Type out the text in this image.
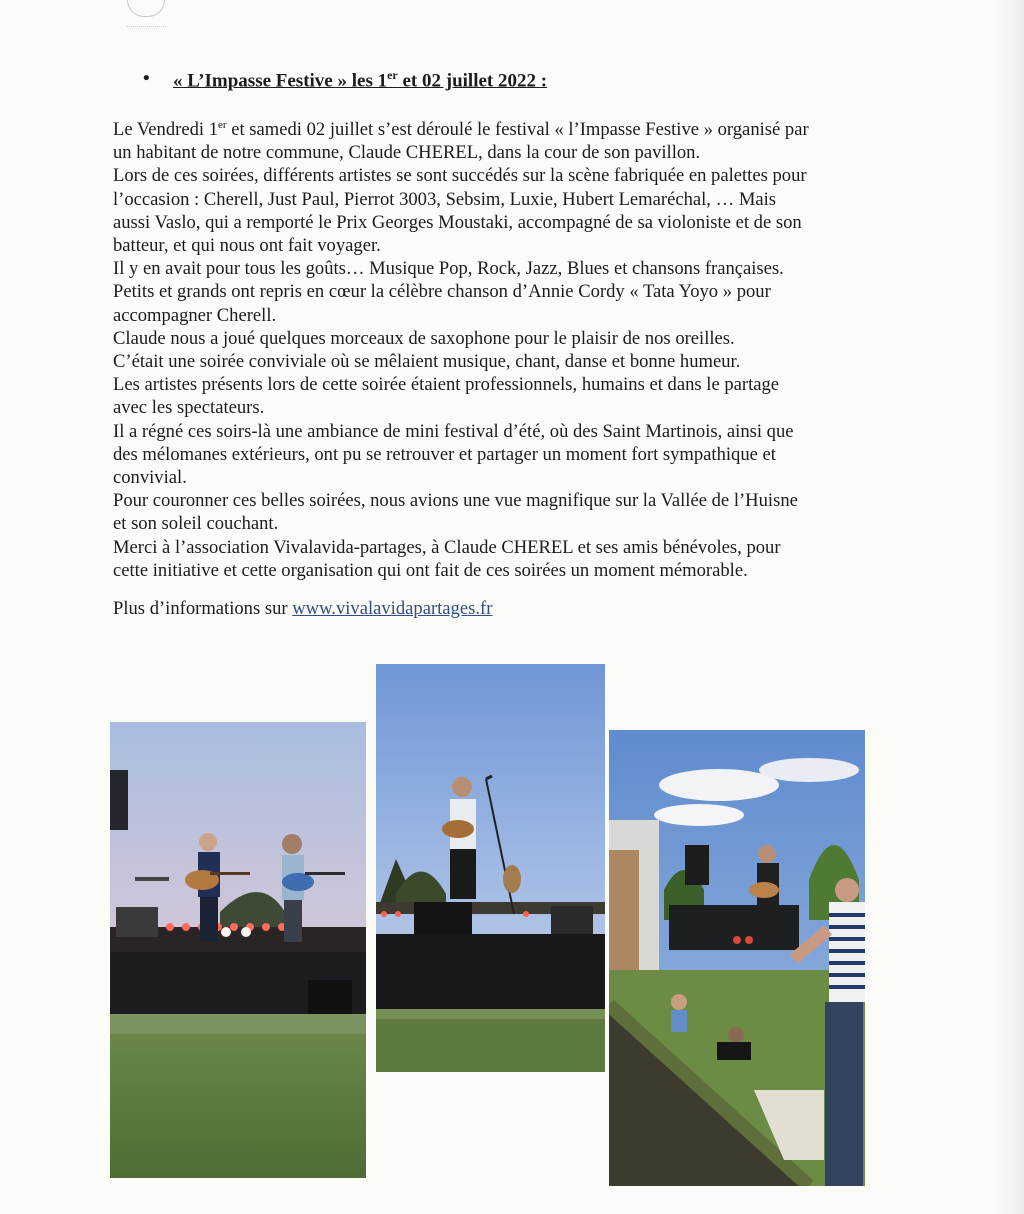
• « L’Impasse Festive » les 1er et 02 juillet 2022 :

Le Vendredi 1er et samedi 02 juillet s’est déroulé le festival « l’Impasse Festive » organisé par

un habitant de notre commune, Claude CHEREL, dans la cour de son pavillon.

Lors de ces soirées, différents artistes se sont succédés sur la scène fabriquée en palettes pour

l’occasion : Cherell, Just Paul, Pierrot 3003, Sebsim, Luxie, Hubert Lemaréchal, … Mais

aussi Vaslo, qui a remporté le Prix Georges Moustaki, accompagné de sa violoniste et de son

batteur, et qui nous ont fait voyager.

Il y en avait pour tous les goûts… Musique Pop, Rock, Jazz, Blues et chansons françaises.

Petits et grands ont repris en cœur la célèbre chanson d’Annie Cordy « Tata Yoyo » pour

accompagner Cherell.

Claude nous a joué quelques morceaux de saxophone pour le plaisir de nos oreilles.

C’était une soirée conviviale où se mêlaient musique, chant, danse et bonne humeur.

Les artistes présents lors de cette soirée étaient professionnels, humains et dans le partage

avec les spectateurs.

Il a régné ces soirs-là une ambiance de mini festival d’été, où des Saint Martinois, ainsi que

des mélomanes extérieurs, ont pu se retrouver et partager un moment fort sympathique et

convivial.

Pour couronner ces belles soirées, nous avions une vue magnifique sur la Vallée de l’Huisne

et son soleil couchant.

Merci à l’association Vivalavida-partages, à Claude CHEREL et ses amis bénévoles, pour

cette initiative et cette organisation qui ont fait de ces soirées un moment mémorable.

Plus d’informations sur www.vivalavidapartages.fr
